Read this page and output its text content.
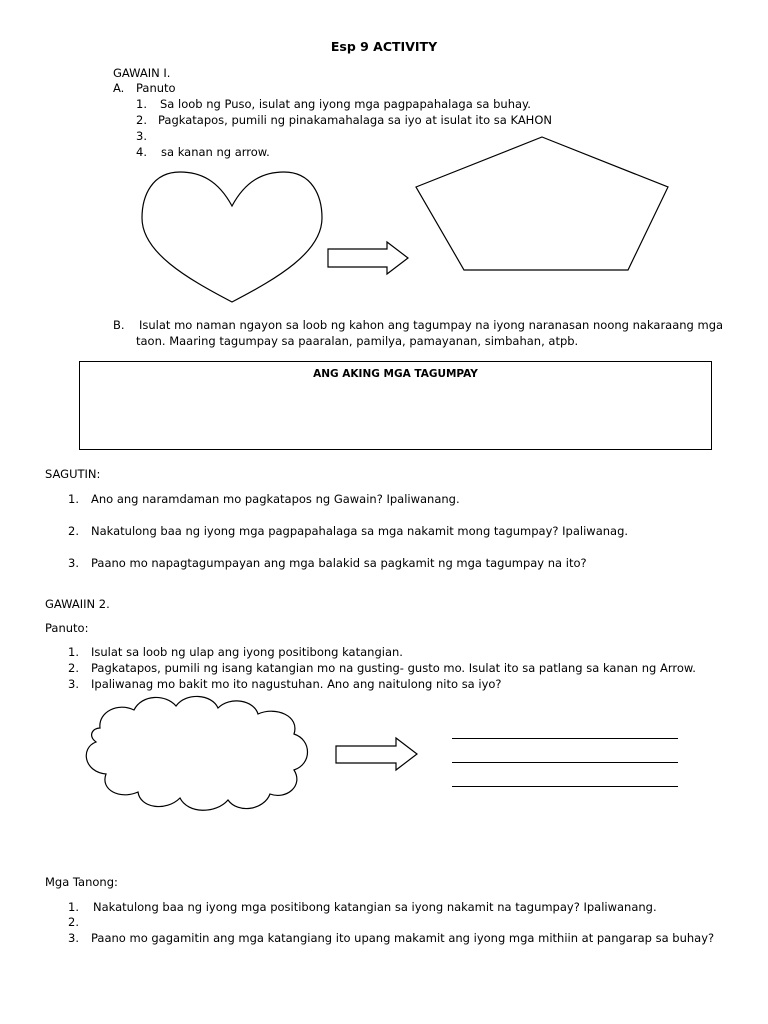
Esp 9 ACTIVITY
GAWAIN I.
A. Panuto
1. Sa loob ng Puso, isulat ang iyong mga pagpapahalaga sa buhay.
2. Pagkatapos, pumili ng pinakamahalaga sa iyo at isulat ito sa KAHON
3.
4. sa kanan ng arrow.
B. Isulat mo naman ngayon sa loob ng kahon ang tagumpay na iyong naranasan noong nakaraang mga
taon. Maaring tagumpay sa paaralan, pamilya, pamayanan, simbahan, atpb.
ANG AKING MGA TAGUMPAY
SAGUTIN:
1. Ano ang naramdaman mo pagkatapos ng Gawain? Ipaliwanang.
2. Nakatulong baa ng iyong mga pagpapahalaga sa mga nakamit mong tagumpay? Ipaliwanag.
3. Paano mo napagtagumpayan ang mga balakid sa pagkamit ng mga tagumpay na ito?
GAWAIIN 2.
Panuto:
1. Isulat sa loob ng ulap ang iyong positibong katangian.
2. Pagkatapos, pumili ng isang katangian mo na gusting- gusto mo. Isulat ito sa patlang sa kanan ng Arrow.
3. Ipaliwanag mo bakit mo ito nagustuhan. Ano ang naitulong nito sa iyo?
Mga Tanong:
1. Nakatulong baa ng iyong mga positibong katangian sa iyong nakamit na tagumpay? Ipaliwanang.
2.
3. Paano mo gagamitin ang mga katangiang ito upang makamit ang iyong mga mithiin at pangarap sa buhay?
